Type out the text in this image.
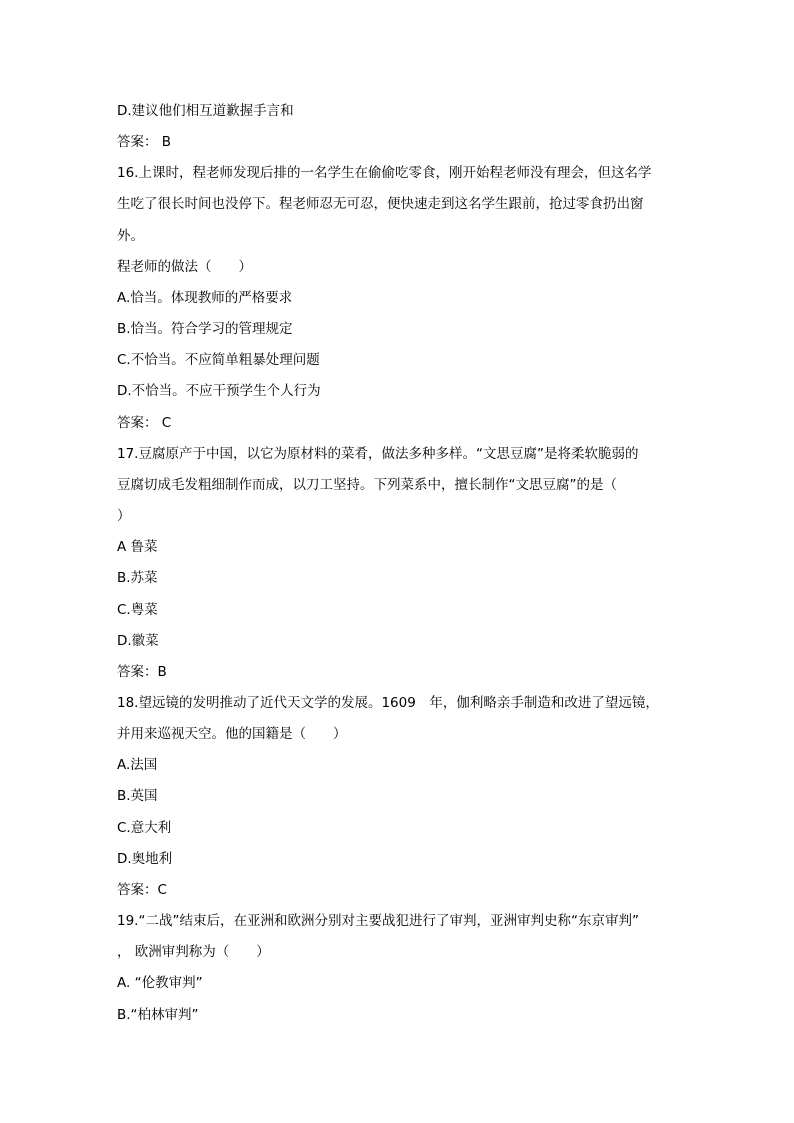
D.建议他们相互道歉握手言和
答案： B
16.上课时，程老师发现后排的一名学生在偷偷吃零食，刚开始程老师没有理会，但这名学
生吃了很长时间也没停下。程老师忍无可忍，便快速走到这名学生跟前，抢过零食扔出窗
外。
程老师的做法（　　）
A.恰当。体现教师的严格要求
B.恰当。符合学习的管理规定
C.不恰当。不应简单粗暴处理问题
D.不恰当。不应干预学生个人行为
答案： C
17.豆腐原产于中国，以它为原材料的菜肴，做法多种多样。“文思豆腐”是将柔软脆弱的
豆腐切成毛发粗细制作而成，以刀工坚持。下列菜系中，擅长制作“文思豆腐”的是（
）
A 鲁菜
B.苏菜
C.粤菜
D.徽菜
答案：B
18.望远镜的发明推动了近代天文学的发展。1609　年，伽利略亲手制造和改进了望远镜，
并用来巡视天空。他的国籍是（　　）
A.法国
B.英国
C.意大利
D.奥地利
答案：C
19.“二战”结束后，在亚洲和欧洲分别对主要战犯进行了审判，亚洲审判史称“东京审判”
， 欧洲审判称为（　　）
A. “伦教审判”
B.“柏林审判”
